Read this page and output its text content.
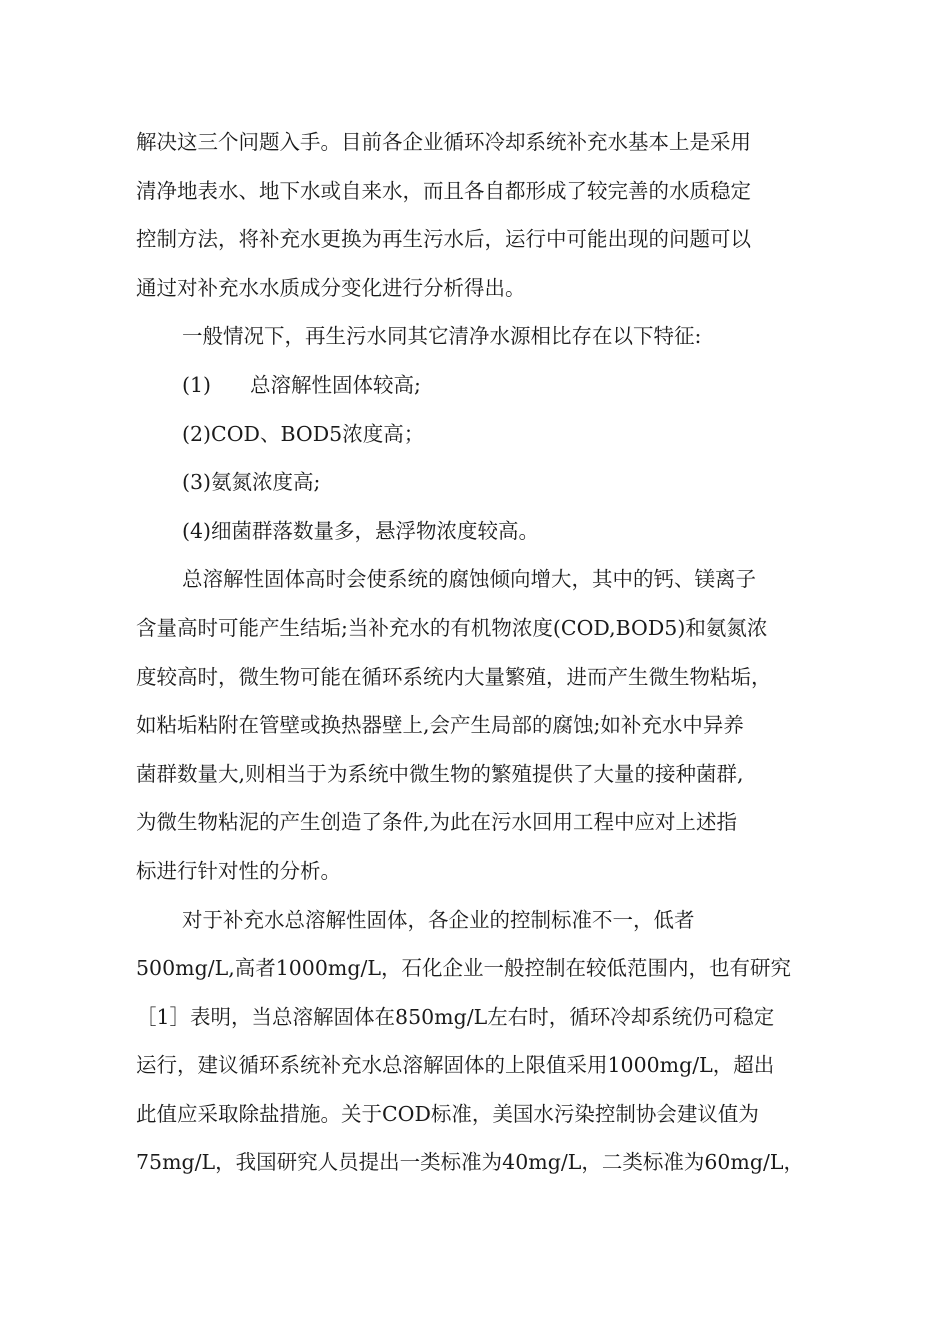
解决这三个问题入手。目前各企业循环冷却系统补充水基本上是采用
清净地表水、地下水或自来水，而且各自都形成了较完善的水质稳定
控制方法，将补充水更换为再生污水后，运行中可能出现的问题可以
通过对补充水水质成分变化进行分析得出。
一般情况下，再生污水同其它清净水源相比存在以下特征:
(1) 总溶解性固体较高;
(2)COD、BOD5浓度高；
(3)氨氮浓度高;
(4)细菌群落数量多，悬浮物浓度较高。
总溶解性固体高时会使系统的腐蚀倾向增大，其中的钙、镁离子
含量高时可能产生结垢;当补充水的有机物浓度(COD,BOD5)和氨氮浓
度较高时，微生物可能在循环系统内大量繁殖，进而产生微生物粘垢，
如粘垢粘附在管壁或换热器壁上,会产生局部的腐蚀;如补充水中异养
菌群数量大,则相当于为系统中微生物的繁殖提供了大量的接种菌群,
为微生物粘泥的产生创造了条件,为此在污水回用工程中应对上述指
标进行针对性的分析。
对于补充水总溶解性固体，各企业的控制标准不一，低者
500mg/L,高者1000mg/L，石化企业一般控制在较低范围内，也有研究
［1］表明，当总溶解固体在850mg/L左右时，循环冷却系统仍可稳定
运行，建议循环系统补充水总溶解固体的上限值采用1000mg/L，超出
此值应采取除盐措施。关于COD标准，美国水污染控制协会建议值为
75mg/L，我国研究人员提出一类标准为40mg/L，二类标准为60mg/L，
